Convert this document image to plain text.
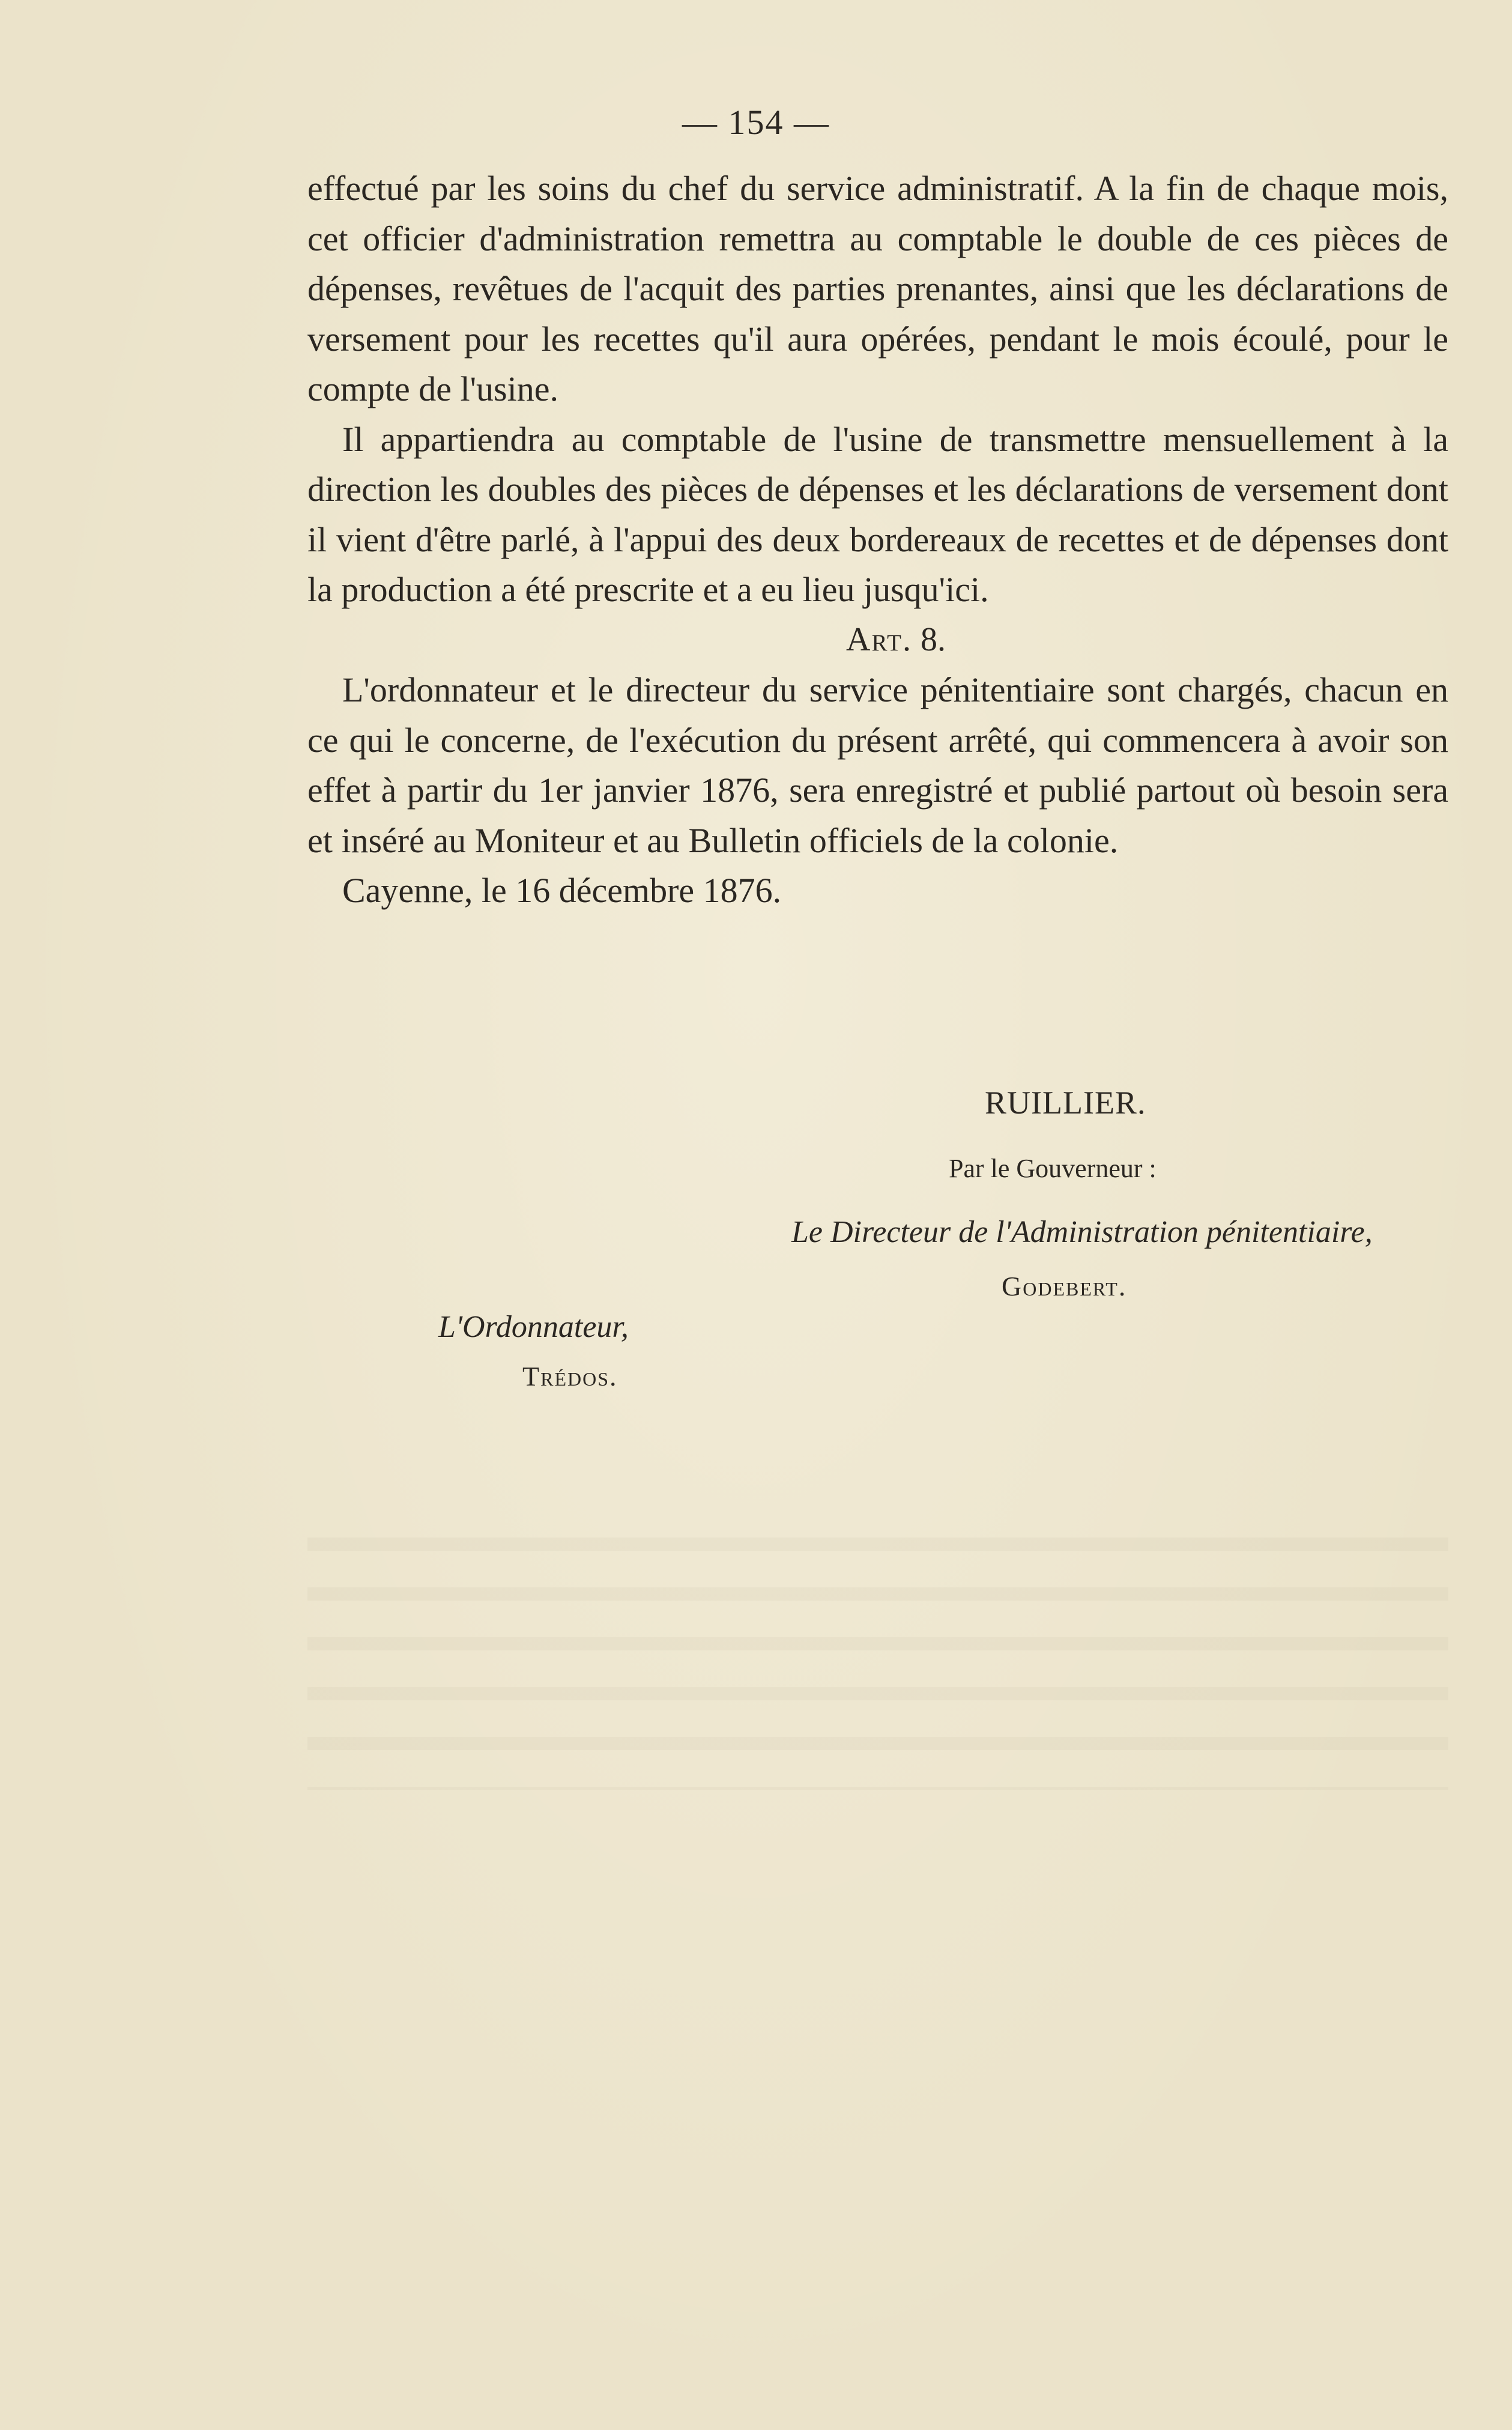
— 154 —

effectué par les soins du chef du service administratif. A la fin de chaque mois, cet officier d'administration remettra au comptable le double de ces pièces de dépenses, revêtues de l'acquit des parties prenantes, ainsi que les déclarations de versement pour les recettes qu'il aura opérées, pendant le mois écoulé, pour le compte de l'usine.

Il appartiendra au comptable de l'usine de transmettre mensuellement à la direction les doubles des pièces de dépenses et les déclarations de versement dont il vient d'être parlé, à l'appui des deux bordereaux de recettes et de dépenses dont la production a été prescrite et a eu lieu jusqu'ici.

Art. 8.

L'ordonnateur et le directeur du service pénitentiaire sont chargés, chacun en ce qui le concerne, de l'exécution du présent arrêté, qui commencera à avoir son effet à partir du 1er janvier 1876, sera enregistré et publié partout où besoin sera et inséré au Moniteur et au Bulletin officiels de la colonie.

Cayenne, le 16 décembre 1876.

RUILLIER.
Par le Gouverneur :
Le Directeur de l'Administration pénitentiaire,
Godebert.
L'Ordonnateur,
Trédos.
